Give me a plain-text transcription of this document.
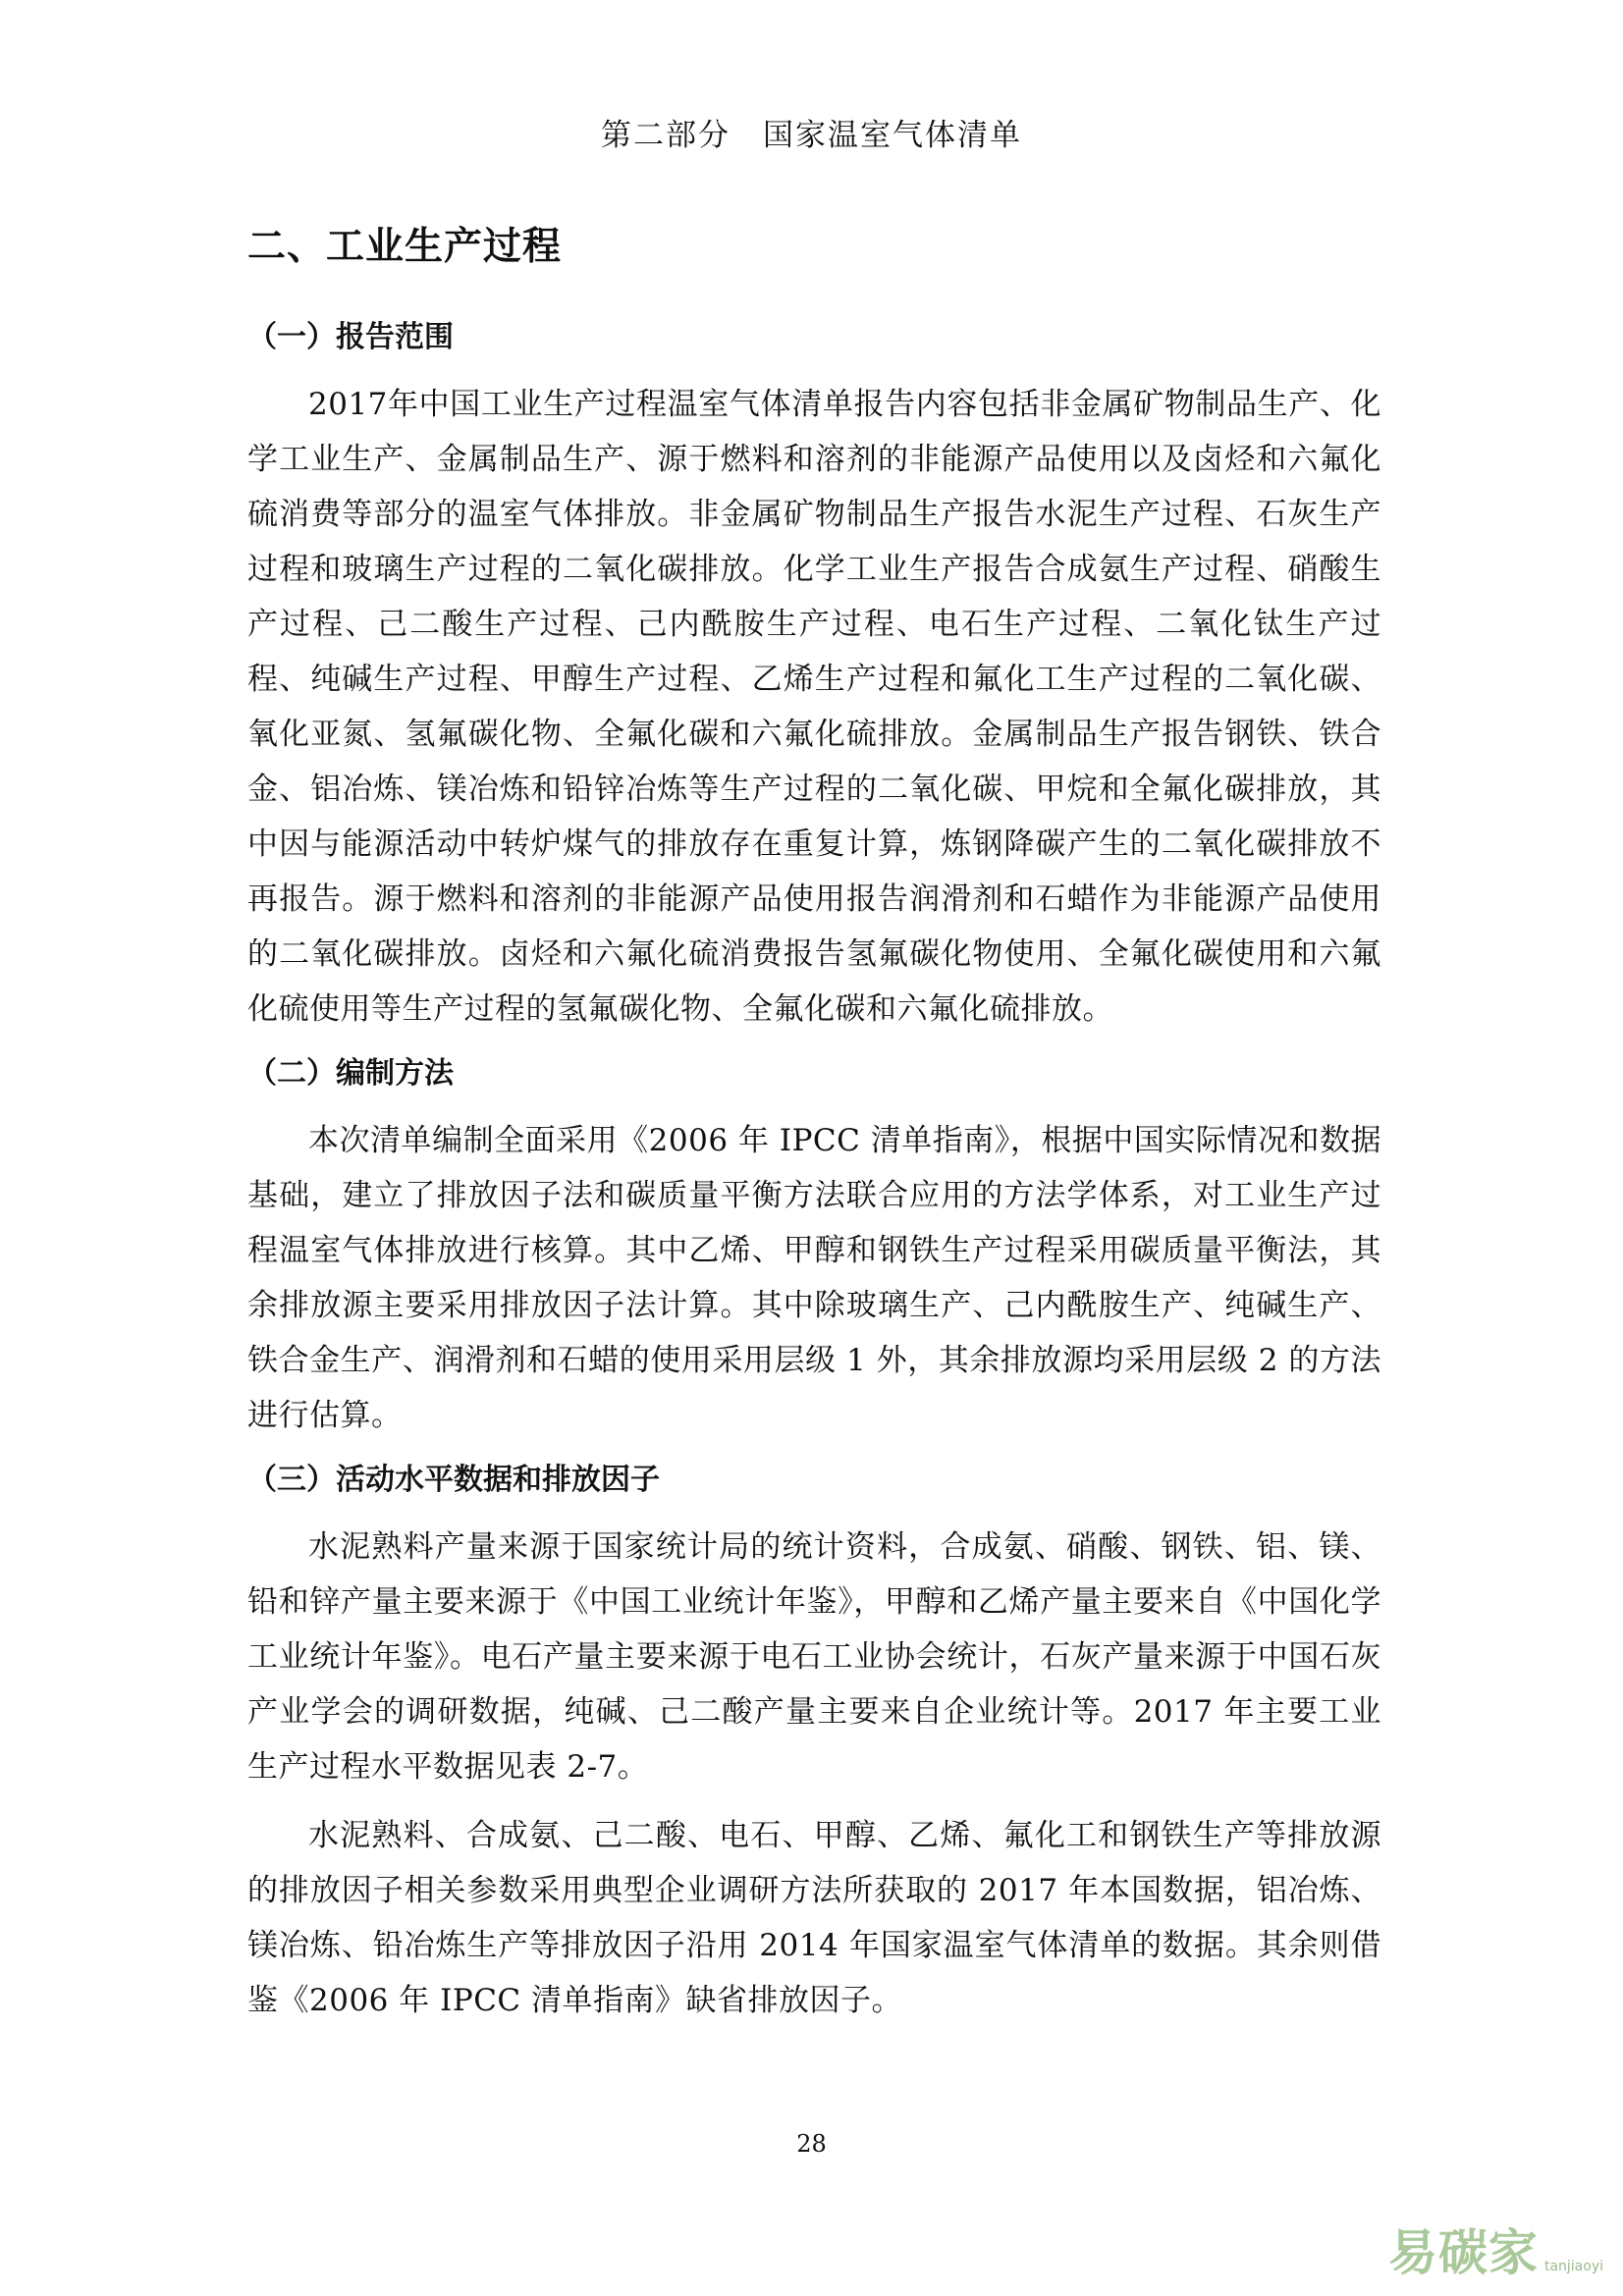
第二部分　国家温室气体清单
二、工业生产过程
（一）报告范围

2017年中国工业生产过程温室气体清单报告内容包括非金属矿物制品生产、化学工业生产、金属制品生产、源于燃料和溶剂的非能源产品使用以及卤烃和六氟化硫消费等部分的温室气体排放。非金属矿物制品生产报告水泥生产过程、石灰生产过程和玻璃生产过程的二氧化碳排放。化学工业生产报告合成氨生产过程、硝酸生产过程、己二酸生产过程、己内酰胺生产过程、电石生产过程、二氧化钛生产过程、纯碱生产过程、甲醇生产过程、乙烯生产过程和氟化工生产过程的二氧化碳、氧化亚氮、氢氟碳化物、全氟化碳和六氟化硫排放。金属制品生产报告钢铁、铁合金、铝冶炼、镁冶炼和铅锌冶炼等生产过程的二氧化碳、甲烷和全氟化碳排放，其中因与能源活动中转炉煤气的排放存在重复计算，炼钢降碳产生的二氧化碳排放不再报告。源于燃料和溶剂的非能源产品使用报告润滑剂和石蜡作为非能源产品使用的二氧化碳排放。卤烃和六氟化硫消费报告氢氟碳化物使用、全氟化碳使用和六氟化硫使用等生产过程的氢氟碳化物、全氟化碳和六氟化硫排放。

（二）编制方法

本次清单编制全面采用《2006 年 IPCC 清单指南》，根据中国实际情况和数据基础，建立了排放因子法和碳质量平衡方法联合应用的方法学体系，对工业生产过程温室气体排放进行核算。其中乙烯、甲醇和钢铁生产过程采用碳质量平衡法，其余排放源主要采用排放因子法计算。其中除玻璃生产、己内酰胺生产、纯碱生产、铁合金生产、润滑剂和石蜡的使用采用层级 1 外，其余排放源均采用层级 2 的方法进行估算。

（三）活动水平数据和排放因子

水泥熟料产量来源于国家统计局的统计资料，合成氨、硝酸、钢铁、铝、镁、铅和锌产量主要来源于《中国工业统计年鉴》，甲醇和乙烯产量主要来自《中国化学工业统计年鉴》。电石产量主要来源于电石工业协会统计，石灰产量来源于中国石灰产业学会的调研数据，纯碱、己二酸产量主要来自企业统计等。2017 年主要工业生产过程水平数据见表 2-7。

水泥熟料、合成氨、己二酸、电石、甲醇、乙烯、氟化工和钢铁生产等排放源的排放因子相关参数采用典型企业调研方法所获取的 2017 年本国数据，铝冶炼、镁冶炼、铅冶炼生产等排放因子沿用 2014 年国家温室气体清单的数据。其余则借鉴《2006 年 IPCC 清单指南》缺省排放因子。

28
易碳家 tanjiaoyi
